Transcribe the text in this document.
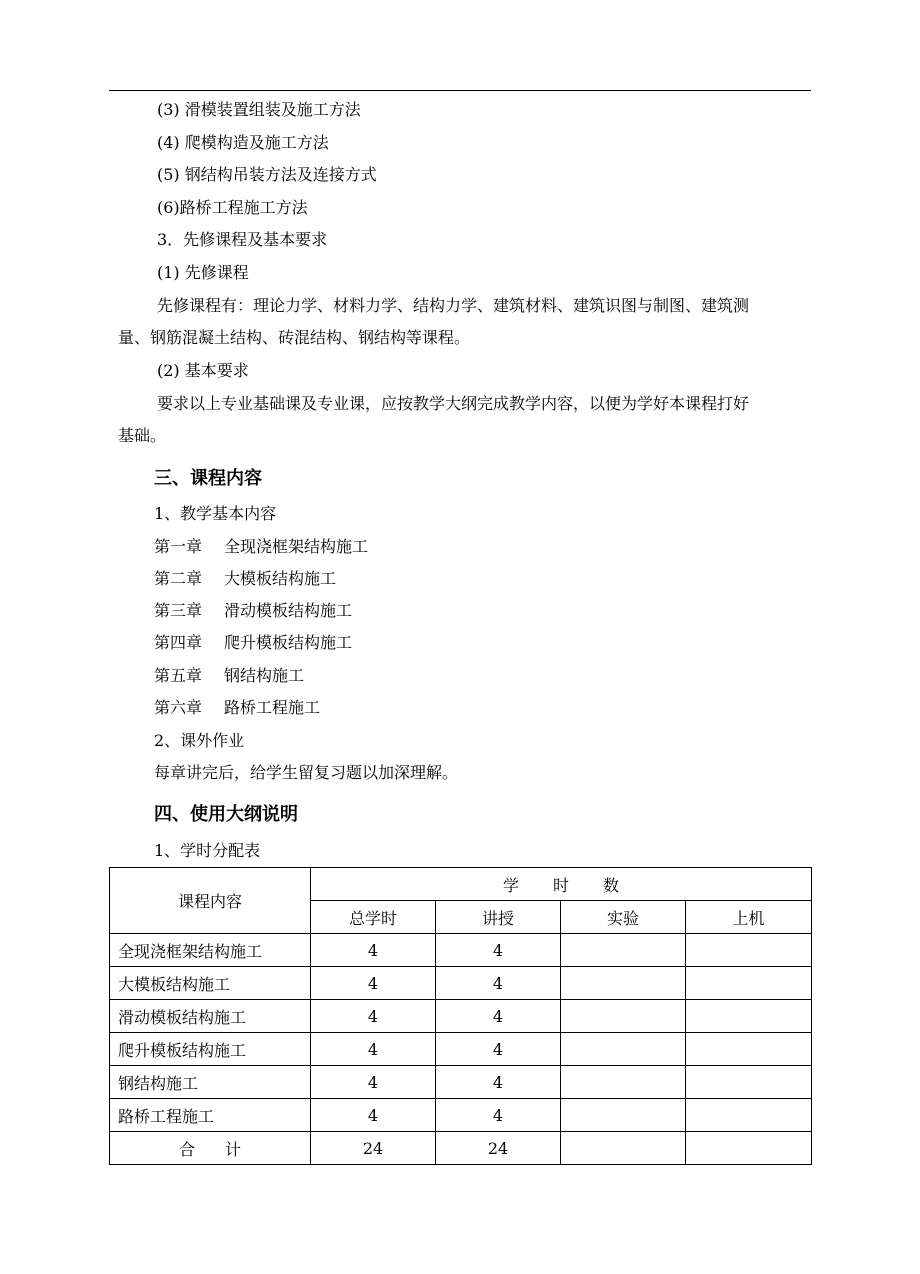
(3) 滑模装置组装及施工方法
(4) 爬模构造及施工方法
(5) 钢结构吊装方法及连接方式
(6)路桥工程施工方法
3．先修课程及基本要求
(1) 先修课程
先修课程有：理论力学、材料力学、结构力学、建筑材料、建筑识图与制图、建筑测
量、钢筋混凝土结构、砖混结构、钢结构等课程。
(2) 基本要求
要求以上专业基础课及专业课，应按教学大纲完成教学内容，以便为学好本课程打好
基础。
三、课程内容
1、教学基本内容
第一章 全现浇框架结构施工
第二章 大模板结构施工
第三章 滑动模板结构施工
第四章 爬升模板结构施工
第五章 钢结构施工
第六章 路桥工程施工
2、课外作业
每章讲完后，给学生留复习题以加深理解。
四、使用大纲说明
1、学时分配表
课程内容	学时数			
	总学时	讲授	实验	上机
全现浇框架结构施工	4	4		
大模板结构施工	4	4		
滑动模板结构施工	4	4		
爬升模板结构施工	4	4		
钢结构施工	4	4		
路桥工程施工	4	4		
合计	24	24		
